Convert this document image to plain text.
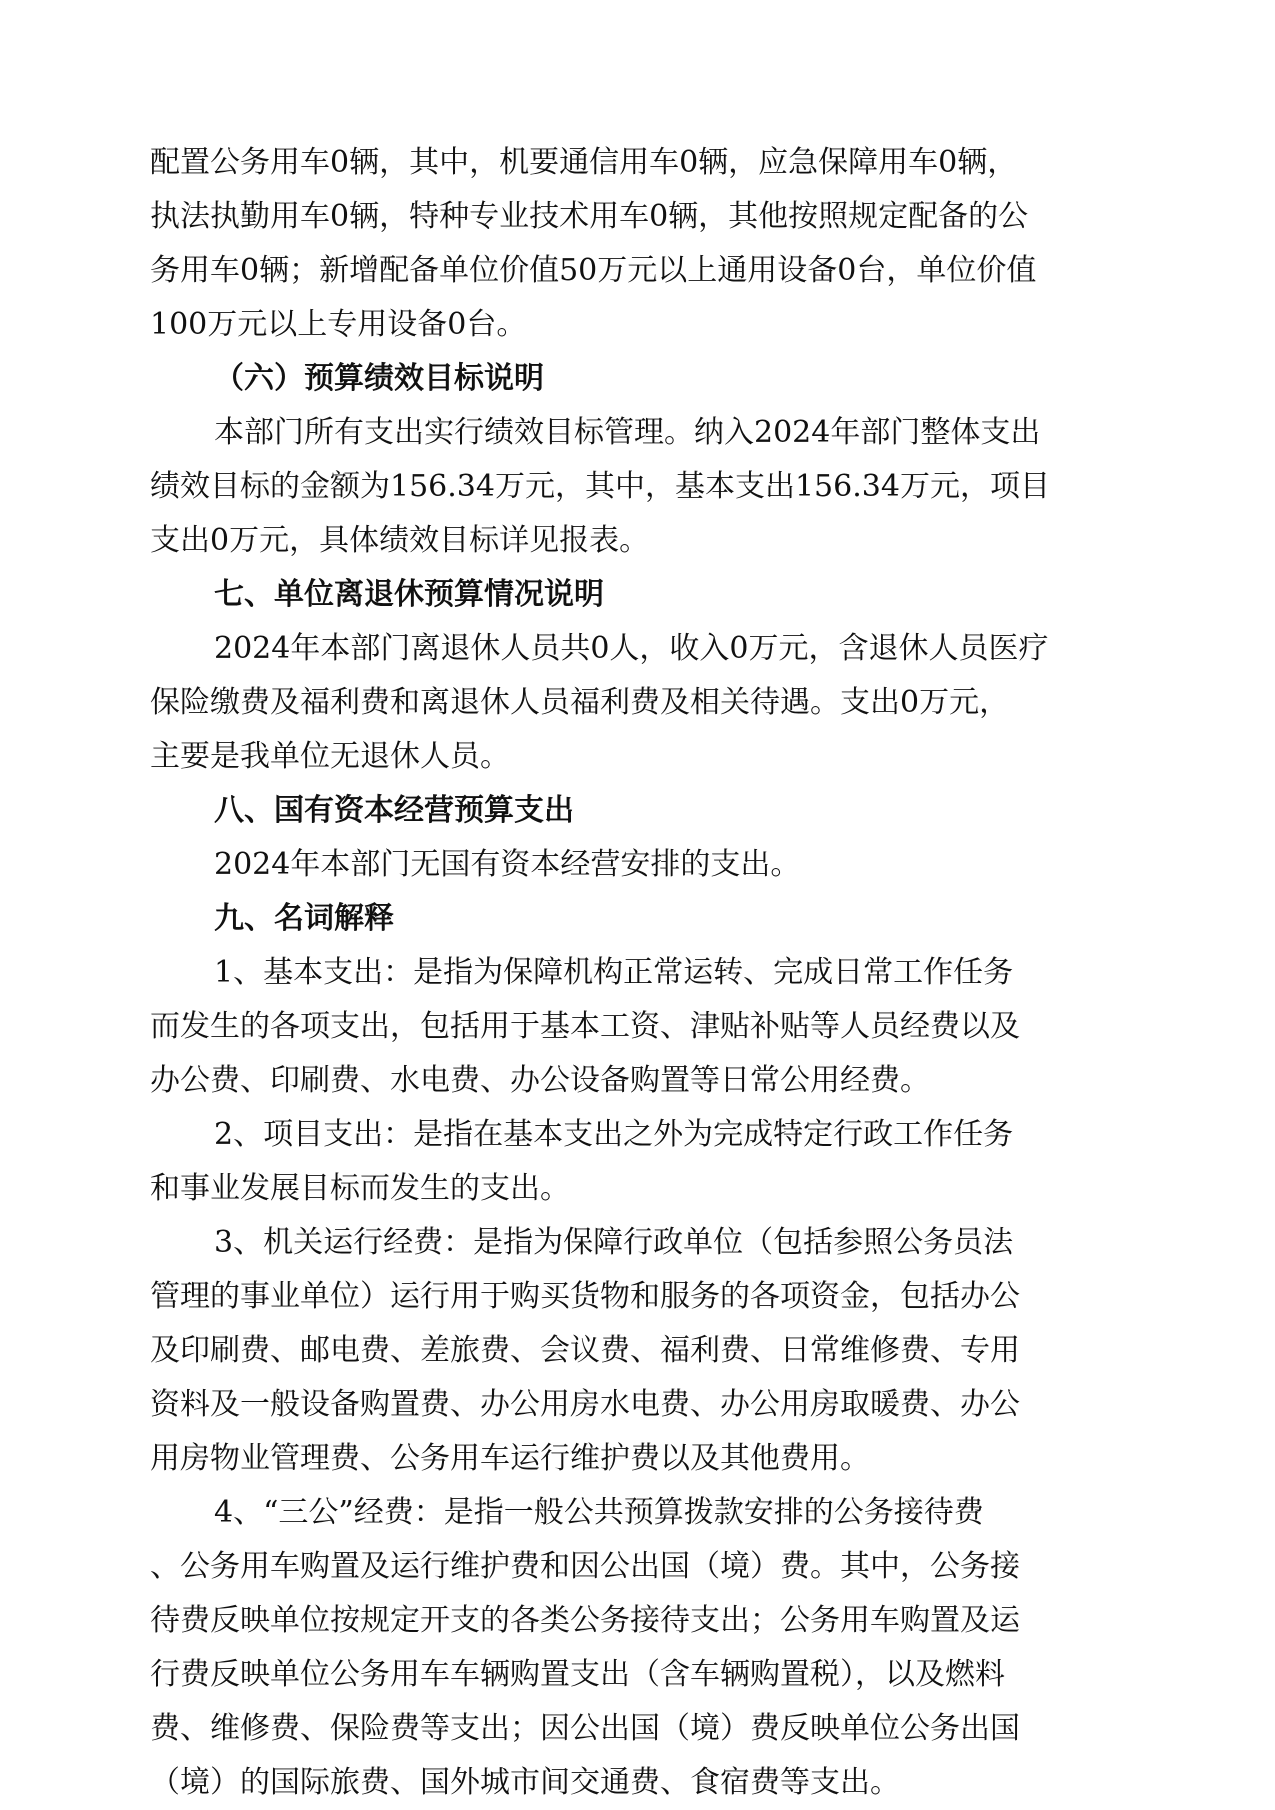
配置公务用车0辆，其中，机要通信用车0辆，应急保障用车0辆，
执法执勤用车0辆，特种专业技术用车0辆，其他按照规定配备的公
务用车0辆；新增配备单位价值50万元以上通用设备0台，单位价值
100万元以上专用设备0台。
（六）预算绩效目标说明
本部门所有支出实行绩效目标管理。纳入2024年部门整体支出
绩效目标的金额为156.34万元，其中，基本支出156.34万元，项目
支出0万元，具体绩效目标详见报表。
七、单位离退休预算情况说明
2024年本部门离退休人员共0人，收入0万元，含退休人员医疗
保险缴费及福利费和离退休人员福利费及相关待遇。支出0万元，
主要是我单位无退休人员。
八、国有资本经营预算支出
2024年本部门无国有资本经营安排的支出。
九、名词解释
1、基本支出：是指为保障机构正常运转、完成日常工作任务
而发生的各项支出，包括用于基本工资、津贴补贴等人员经费以及
办公费、印刷费、水电费、办公设备购置等日常公用经费。
2、项目支出：是指在基本支出之外为完成特定行政工作任务
和事业发展目标而发生的支出。
3、机关运行经费：是指为保障行政单位（包括参照公务员法
管理的事业单位）运行用于购买货物和服务的各项资金，包括办公
及印刷费、邮电费、差旅费、会议费、福利费、日常维修费、专用
资料及一般设备购置费、办公用房水电费、办公用房取暖费、办公
用房物业管理费、公务用车运行维护费以及其他费用。
4、“三公”经费：是指一般公共预算拨款安排的公务接待费
、公务用车购置及运行维护费和因公出国（境）费。其中，公务接
待费反映单位按规定开支的各类公务接待支出；公务用车购置及运
行费反映单位公务用车车辆购置支出（含车辆购置税），以及燃料
费、维修费、保险费等支出；因公出国（境）费反映单位公务出国
（境）的国际旅费、国外城市间交通费、食宿费等支出。
